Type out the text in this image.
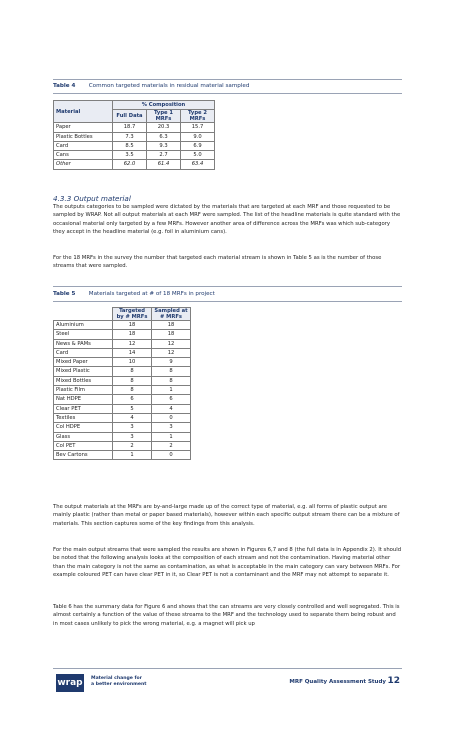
Table 4 Common targeted materials in residual material sampled
Material	% Composition		
	Full Data	Type 1 MRFs	Type 2 MRFs
Paper	18.7	20.3	15.7
Plastic Bottles	7.3	6.3	9.0
Card	8.5	9.3	6.9
Cans	3.5	2.7	5.0
Other	62.0	61.4	63.4
4.3.3 Output material
The outputs categories to be sampled were dictated by the materials that are targeted at each MRF and those requested to be sampled by WRAP. Not all output materials at each MRF were sampled. The list of the headline materials is quite standard with the occasional material only targeted by a few MRFs. However another area of difference across the MRFs was which sub-category they accept in the headline material (e.g. foil in aluminium cans).
For the 18 MRFs in the survey the number that targeted each material stream is shown in Table 5 as is the number of those streams that were sampled.
Table 5 Materials targeted at # of 18 MRFs in project
	Targeted by # MRFs	Sampled at # MRFs
Aluminium	18	18
Steel	18	18
News & PAMs	12	12
Card	14	12
Mixed Paper	10	9
Mixed Plastic	8	8
Mixed Bottles	8	8
Plastic Film	8	1
Nat HDPE	6	6
Clear PET	5	4
Textiles	4	0
Col HDPE	3	3
Glass	3	1
Col PET	2	2
Bev Cartons	1	0
The output materials at the MRFs are by-and-large made up of the correct type of material, e.g. all forms of plastic output are mainly plastic (rather than metal or paper based materials), however within each specific output stream there can be a mixture of materials. This section captures some of the key findings from this analysis.
For the main output streams that were sampled the results are shown in Figures 6,7 and 8 (the full data is in Appendix 2). It should be noted that the following analysis looks at the composition of each stream and not the contamination. Having material other than the main category is not the same as contamination, as what is acceptable in the main category can vary between MRFs. For example coloured PET can have clear PET in it, so Clear PET is not a contaminant and the MRF may not attempt to separate it.
Table 6 has the summary data for Figure 6 and shows that the can streams are very closely controlled and well segregated. This is almost certainly a function of the value of these streams to the MRF and the technology used to separate them being robust and in most cases unlikely to pick the wrong material, e.g. a magnet will pick up
wrap Material change for
a better environment	MRF Quality Assessment Study 12
